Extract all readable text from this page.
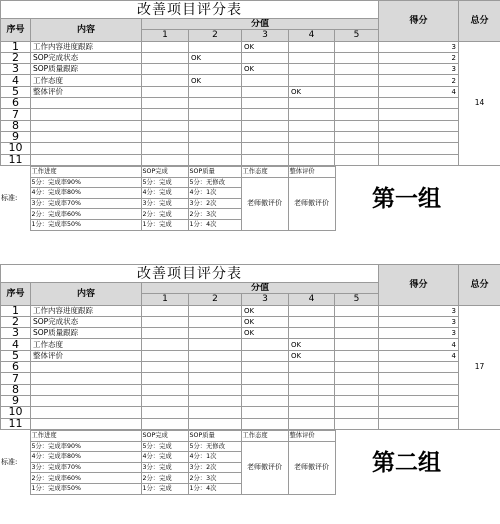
改善项目评分表							得分	总分
序号	内容	分值						
		1	2	3	4	5		
1	工作内容进度跟踪			OK			3	14
2	SOP完成状态		OK				2	
3	SOP质量跟踪			OK			3	
4	工作态度		OK				2	
5	整体评价				OK		4	
6								
7								
8								
9								
10								
11								
标准:	工作进度	SOP完成	SOP质量	工作态度	整体评价
	5分：完成率90%	5分：完成	5分：无修改	老师傲评价	老师傲评价
	4分：完成率80%	4分：完成	4分：1次		
	3分：完成率70%	3分：完成	3分：2次		
	2分：完成率60%	2分：完成	2分：3次		
	1分：完成率50%	1分：完成	1分：4次		
第一组
改善项目评分表							得分	总分
序号	内容	分值						
		1	2	3	4	5		
1	工作内容进度跟踪			OK			3	17
2	SOP完成状态			OK			3	
3	SOP质量跟踪			OK			3	
4	工作态度				OK		4	
5	整体评价				OK		4	
6								
7								
8								
9								
10								
11								
标准:	工作进度	SOP完成	SOP质量	工作态度	整体评价
	5分：完成率90%	5分：完成	5分：无修改	老师傲评价	老师傲评价
	4分：完成率80%	4分：完成	4分：1次		
	3分：完成率70%	3分：完成	3分：2次		
	2分：完成率60%	2分：完成	2分：3次		
	1分：完成率50%	1分：完成	1分：4次		
第二组
